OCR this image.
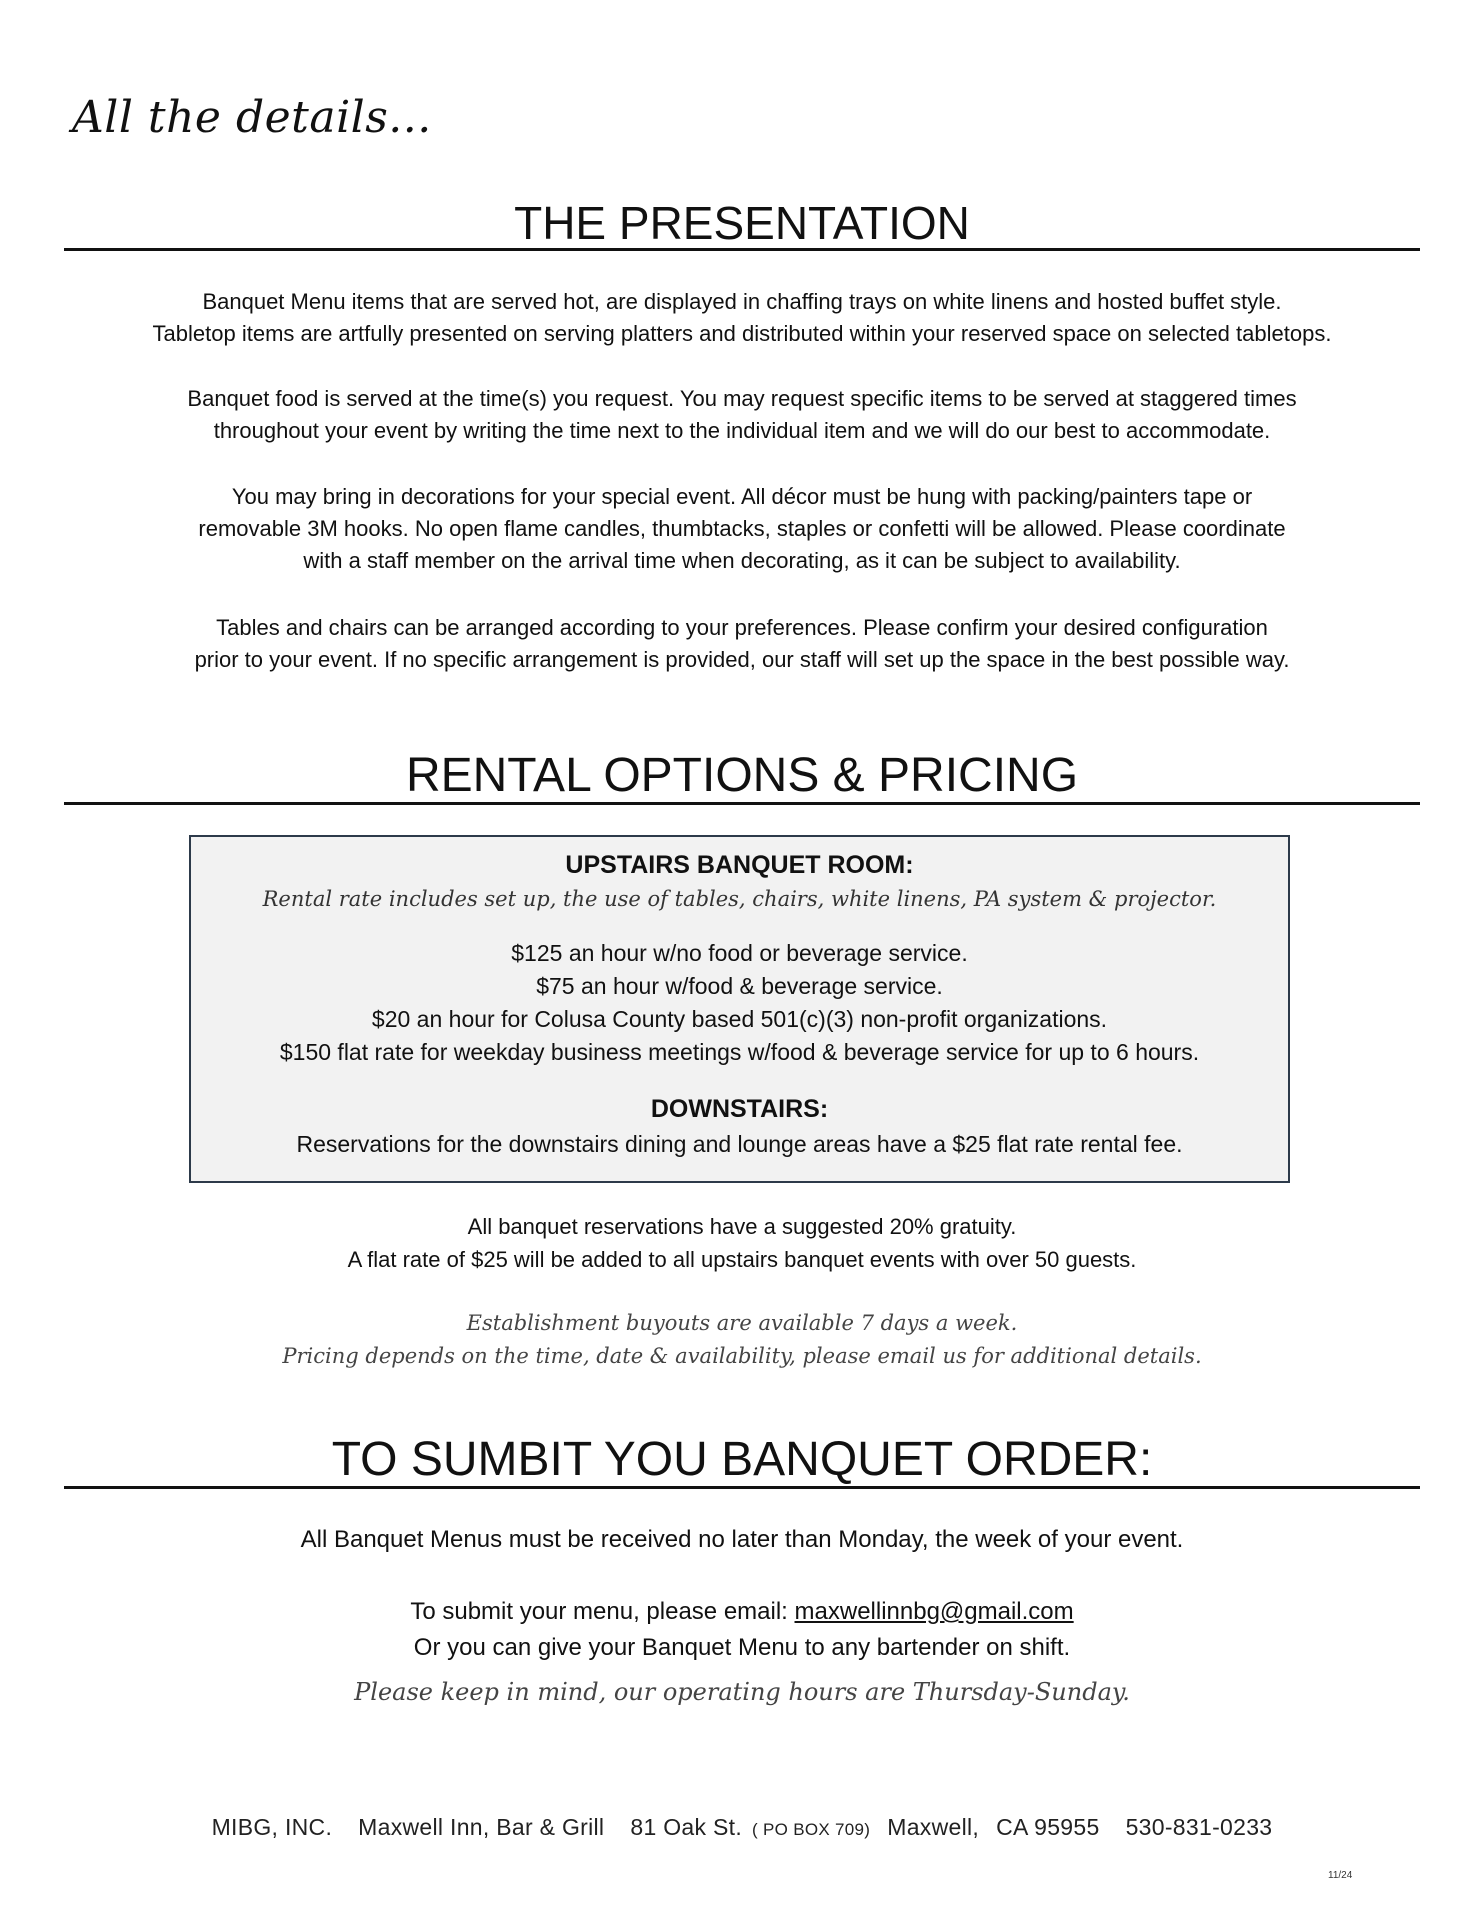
All the details...
THE PRESENTATION
Banquet Menu items that are served hot, are displayed in chaffing trays on white linens and hosted buffet style.
Tabletop items are artfully presented on serving platters and distributed within your reserved space on selected tabletops.
Banquet food is served at the time(s) you request. You may request specific items to be served at staggered times
throughout your event by writing the time next to the individual item and we will do our best to accommodate.
You may bring in decorations for your special event. All décor must be hung with packing/painters tape or
removable 3M hooks. No open flame candles, thumbtacks, staples or confetti will be allowed. Please coordinate
with a staff member on the arrival time when decorating, as it can be subject to availability.
Tables and chairs can be arranged according to your preferences. Please confirm your desired configuration
prior to your event. If no specific arrangement is provided, our staff will set up the space in the best possible way.
RENTAL OPTIONS & PRICING
UPSTAIRS BANQUET ROOM:
Rental rate includes set up, the use of tables, chairs, white linens, PA system & projector.
$125 an hour w/no food or beverage service.
$75 an hour w/food & beverage service.
$20 an hour for Colusa County based 501(c)(3) non-profit organizations.
$150 flat rate for weekday business meetings w/food & beverage service for up to 6 hours.
DOWNSTAIRS:
Reservations for the downstairs dining and lounge areas have a $25 flat rate rental fee.
All banquet reservations have a suggested 20% gratuity.
A flat rate of $25 will be added to all upstairs banquet events with over 50 guests.
Establishment buyouts are available 7 days a week.
Pricing depends on the time, date & availability, please email us for additional details.
TO SUMBIT YOU BANQUET ORDER:
All Banquet Menus must be received no later than Monday, the week of your event.
To submit your menu, please email: maxwellinnbg@gmail.com
Or you can give your Banquet Menu to any bartender on shift.
Please keep in mind, our operating hours are Thursday-Sunday.
MIBG, INC. Maxwell Inn, Bar & Grill 81 Oak St. ( PO BOX 709) Maxwell, CA 95955 530-831-0233
11/24
